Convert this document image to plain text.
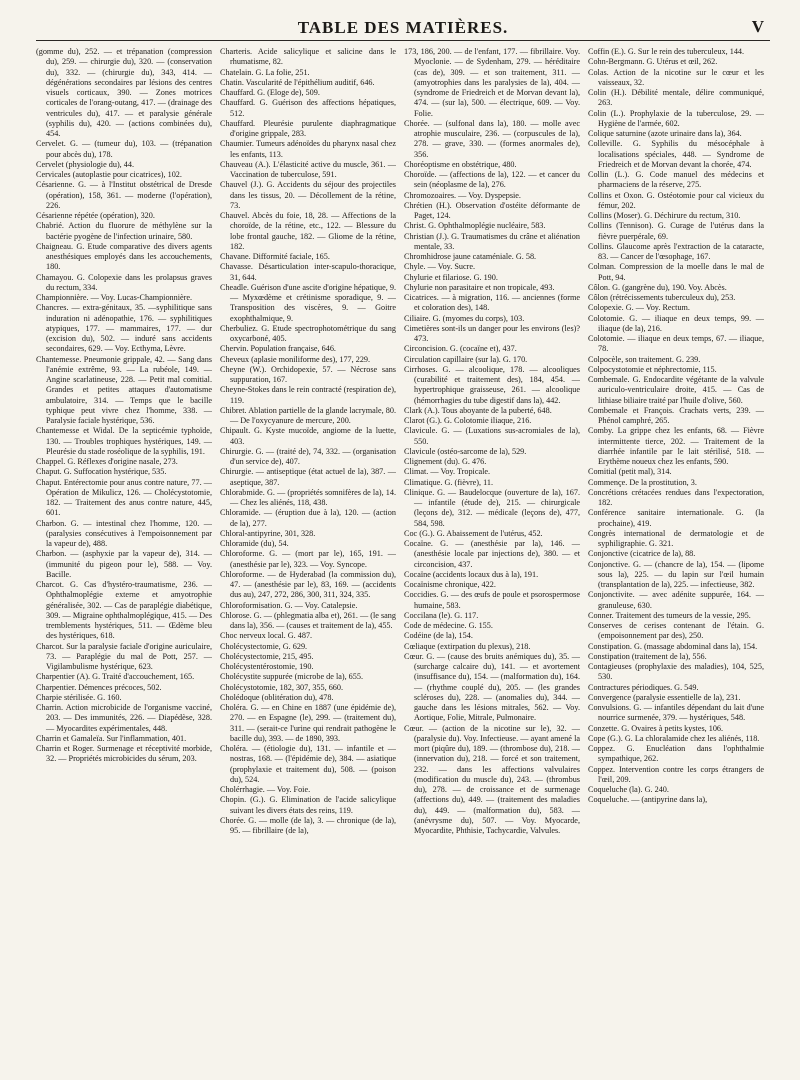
TABLE DES MATIÈRES.	V

(gomme du), 252. — et trépanation (compression du), 259. — chirurgie du), 320. — (conservation du), 332. — (chirurgie du), 343, 414. — dégénérations secondaires par lésions des centres visuels corticaux, 390. — Zones motrices corticales de l'orang-outang, 417. — (drainage des ventricules du), 417. — et paralysie générale (syphilis du), 420. — (actions combinées du), 454.

Cervelet. G. — (tumeur du), 103. — (trépanation pour abcès du), 178.

Cervelet (physiologie du), 44.

Cervicales (autoplastie pour cicatrices), 102.

Césarienne. G. — à l'Institut obstétrical de Dresde (opération), 158, 361. — moderne (l'opération), 226.

Césarienne répétée (opération), 320.

Chabrié. Action du fluorure de méthylène sur la bactérie pyogène de l'infection urinaire, 580.

Chaigneau. G. Etude comparative des divers agents anesthésiques employés dans les accouchements, 180.

Chamayou. G. Colopexie dans les prolapsus graves du rectum, 334.

Championnière. — Voy. Lucas-Championnière.

Chancres. — extra-génitaux, 35. —syphilitique sans induration ni adénopathie, 176. — syphilitiques atypiques, 177. — mammaires, 177. — dur (excision du), 502. — induré sans accidents secondaires, 629. — Voy. Ecthyma, Lèvre.

Chantemesse. Pneumonie grippale, 42. — Sang dans l'anémie extrême, 93. — La rubéole, 149. — Angine scarlatineuse, 228. — Petit mal comitial. Grandes et petites attaques d'automatisme ambulatoire, 314. — Temps que le bacille typhique peut vivre chez l'homme, 338. — Paralysie faciale hystérique, 536.

Chantemesse et Widal. De la septicémie typhoïde, 130. — Troubles trophiques hystériques, 149. — Pleurésie du stade roséolique de la syphilis, 191.

Chappel. G. Réflexes d'origine nasale, 273.

Chaput. G. Suffocation hystérique, 535.

Chaput. Entérectomie pour anus contre nature, 77. — Opération de Mikulicz, 126. — Cholécystotomie, 182. — Traitement des anus contre nature, 445, 601.

Charbon. G. — intestinal chez l'homme, 120. — (paralysies consécutives à l'empoisonnement par la vapeur de), 488.

Charbon. — (asphyxie par la vapeur de), 314. — (immunité du pigeon pour le), 588. — Voy. Bacille.

Charcot. G. Cas d'hystéro-traumatisme, 236. — Ophthalmoplégie externe et amyotrophie généralisée, 302. — Cas de paraplégie diabétique, 309. — Migraine ophthalmoplégique, 415. — Des tremblements hystériques, 511. — Œdème bleu des hystériques, 618.

Charcot. Sur la paralysie faciale d'origine auriculaire, 73. — Paraplégie du mal de Pott, 257. — Vigilambulisme hystérique, 623.

Charpentier (A). G. Traité d'accouchement, 165.

Charpentier. Démences précoces, 502.

Charpie stérilisée. G. 160.

Charrin. Action microbicide de l'organisme vacciné, 203. — Des immunités, 226. — Diapédèse, 328. — Myocardites expérimentales, 448.

Charrin et Gamaleïa. Sur l'inflammation, 401.

Charrin et Roger. Surmenage et réceptivité morbide, 32. — Propriétés microbicides du sérum, 203.

Charteris. Acide salicylique et salicine dans le rhumatisme, 82.

Chatelain. G. La folie, 251.

Chatin. Vascularité de l'épithélium auditif, 646.

Chauffard. G. (Eloge de), 509.

Chauffard. G. Guérison des affections hépatiques, 512.

Chauffard. Pleurésie purulente diaphragmatique d'origine grippale, 283.

Chaumier. Tumeurs adénoïdes du pharynx nasal chez les enfants, 113.

Chauveau (A.). L'élasticité active du muscle, 361. — Vaccination de tuberculose, 591.

Chauvel (J.). G. Accidents du séjour des projectiles dans les tissus, 20. — Décollement de la rétine, 73.

Chauvel. Abcès du foie, 18, 28. — Affections de la choroïde, de la rétine, etc., 122. — Blessure du lobe frontal gauche, 182. — Gliome de la rétine, 182.

Chavane. Difformité faciale, 165.

Chavasse. Désarticulation inter-scapulo-thoracique, 31, 644.

Cheadle. Guérison d'une ascite d'origine hépatique, 9. — Myxœdème et crétinisme sporadique, 9. — Transposition des viscères, 9. — Goitre exophthalmique, 9.

Cherbuliez. G. Etude spectrophotométrique du sang oxycarboné, 405.

Chervin. Population française, 646.

Cheveux (aplasie moniliforme des), 177, 229.

Cheyne (W.). Orchidopexie, 57. — Nécrose sans suppuration, 167.

Cheyne-Stokes dans le rein contracté (respiration de), 119.

Chibret. Ablation partielle de la glande lacrymale, 80. — De l'oxycyanure de mercure, 200.

Chipault. G. Kyste mucoïde, angiome de la luette, 403.

Chirurgie. G. — (traité de), 74, 332. — (organisation d'un service de), 407.

Chirurgie. — antiseptique (état actuel de la), 387. — aseptique, 387.

Chlorabmide. G. — (propriétés somnifères de la), 14. — Chez les aliénés, 118, 438.

Chloramide. — (éruption due à la), 120. — (action de la), 277.

Chloral-antipyrine, 301, 328.

Chloramide (du), 54.

Chloroforme. G. — (mort par le), 165, 191. — (anesthésie par le), 323. — Voy. Syncope.

Chloroforme. — de Hyderabad (la commission du), 47. — (anesthésie par le), 83, 169. — (accidents dus au), 247, 272, 286, 300, 311, 324, 335.

Chloroformisation. G. — Voy. Catalepsie.

Chlorose. G. — (phlegmatia alba et), 261. — (le sang dans la), 356. — (causes et traitement de la), 455.

Choc nerveux local. G. 487.

Cholécystectomie, G. 629.

Cholécystectomie, 215, 495.

Cholécystentérostomie, 190.

Cholécystite suppurée (microbe de la), 655.

Cholécystotomie, 182, 307, 355, 660.

Cholédoque (oblitération du), 478.

Choléra. G. — en Chine en 1887 (une épidémie de), 270. — en Espagne (le), 299. — (traitement du), 311. — (serait-ce l'urine qui rendrait pathogène le bacille du), 393. — de 1890, 393.

Choléra. — (étiologie du), 131. — infantile et — nostras, 168. — (l'épidémie de), 384. — asiatique (prophylaxie et traitement du), 508. — (poison du), 524.

Cholérrhagie. — Voy. Foie.

Chopin. (G.). G. Elimination de l'acide salicylique suivant les divers états des reins, 119.

Chorée. G. — molle (de la), 3. — chronique (de la), 95. — fibrillaire (de la),

173, 186, 200. — de l'enfant, 177. — fibrillaire. Voy. Myoclonie. — de Sydenham, 279. — héréditaire (cas de), 309. — et son traitement, 311. — (amyotrophies dans les paralysies de la), 404. — (syndrome de Friedreich et de Morvan devant la), 474. — (sur la), 500. — électrique, 609. — Voy. Folie.

Chorée. — (sulfonal dans la), 180. — molle avec atrophie musculaire, 236. — (corpuscules de la), 278. — grave, 330. — (formes anormales de), 356.

Choréoptisme en obstétrique, 480.

Choroïde. — (affections de la), 122. — et cancer du sein (néoplasme de la), 276.

Chromozoaires. — Voy. Dyspepsie.

Chrétien (H.). Observation d'ostéite déformante de Paget, 124.

Christ. G. Ophthalmoplégie nucléaire, 583.

Christian (J.). G. Traumatismes du crâne et aliénation mentale, 33.

Chromhidrose jaune cataméniale. G. 58.

Chyle. — Voy. Sucre.

Chylurie et filariose. G. 190.

Chylurie non parasitaire et non tropicale, 493.

Cicatrices. — à migration, 116. — anciennes (forme et coloration des), 148.

Ciliaire. G. (myomes du corps), 103.

Cimetières sont-ils un danger pour les environs (les)? 473.

Circoncision. G. (cocaïne et), 437.

Circulation capillaire (sur la). G. 170.

Cirrhoses. G. — alcoolique, 178. — alcooliques (curabilité et traitement des), 184, 454. — hypertrophique graisseuse, 261. — alcoolique (hémorrhagies du tube digestif dans la), 442.

Clark (A.). Tous aboyante de la puberté, 648.

Clarot (G.). G. Colotomie iliaque, 216.

Clavicule. G. — (Luxations sus-acromiales de la), 550.

Clavicule (ostéo-sarcome de la), 529.

Clignement (du). G. 476.

Climat. — Voy. Tropicale.

Climatique. G. (fièvre), 11.

Clinique. G. — Baudelocque (ouverture de la), 167. — infantile (étude de), 215. — chirurgicale (leçons de), 312. — médicale (leçons de), 477, 584, 598.

Coc (G.). G. Abaissement de l'utérus, 452.

Cocaïne. G. — (anesthésie par la), 146. — (anesthésie locale par injections de), 380. — et circoncision, 437.

Cocaïne (accidents locaux dus à la), 191.

Cocaïnisme chronique, 422.

Coccidies. G. — des œufs de poule et psorospermose humaine, 583.

Coccilana (le). G. 117.

Code de médecine. G. 155.

Codéine (de la), 154.

Cœliaque (extirpation du plexus), 218.

Cœur. G. — (cause des bruits anémiques du), 35. — (surcharge calcaire du), 141. — et avortement (insuffisance du), 154. — (malformation du), 164. — (rhythme couplé du), 205. — (les grandes scléroses du), 228. — (anomalies du), 344. — gauche dans les lésions mitrales, 562. — Voy. Aortique, Folie, Mitrale, Pulmonaire.

Cœur. — (action de la nicotine sur le), 32. — (paralysie du). Voy. Infectieuse. — ayant amené la mort (piqûre du), 189. — (thrombose du), 218. — (innervation du), 218. — forcé et son traitement, 232. — dans les affections valvulaires (modification du muscle du), 243. — (thrombus du), 278. — de croissance et de surmenage (affections du), 449. — (traitement des maladies du), 449. — (malformation du), 583. — (anévrysme du), 507. — Voy. Myocarde, Myocardite, Phthisie, Tachycardie, Valvules.

Coffin (E.). G. Sur le rein des tuberculeux, 144.

Cohn-Bergmann. G. Utérus et œil, 262.

Colas. Action de la nicotine sur le cœur et les vaisseaux, 32.

Colin (H.). Débilité mentale, délire communiqué, 263.

Colin (L.). Prophylaxie de la tuberculose, 29. — Hygiène de l'armée, 602.

Colique saturnine (azote urinaire dans la), 364.

Colleville. G. Syphilis du mésocéphale à localisations spéciales, 448. — Syndrome de Friedreich et de Morvan devant la chorée, 474.

Collin (L.). G. Code manuel des médecins et pharmaciens de la réserve, 275.

Collins et Oxon. G. Ostéotomie pour cal vicieux du fémur, 202.

Collins (Moser). G. Déchirure du rectum, 310.

Collins (Tennison). G. Curage de l'utérus dans la fièvre puerpérale, 69.

Collins. Glaucome après l'extraction de la cataracte, 83. — Cancer de l'œsophage, 167.

Colman. Compression de la moelle dans le mal de Pott, 94.

Côlon. G. (gangrène du), 190. Voy. Abcès.

Côlon (rétrécissements tuberculeux du), 253.

Colopexie. G. — Voy. Rectum.

Colotomie. G. — iliaque en deux temps, 99. — iliaque (de la), 216.

Colotomie. — iliaque en deux temps, 67. — iliaque, 78.

Colpocèle, son traitement. G. 239.

Colpocystotomie et néphrectomie, 115.

Combemale. G. Endocardite végétante de la valvule auriculo-ventriculaire droite, 415. — Cas de lithiase biliaire traité par l'huile d'olive, 560.

Combemale et François. Crachats verts, 239. — Phénol camphré, 265.

Comby. La grippe chez les enfants, 68. — Fièvre intermittente tierce, 202. — Traitement de la diarrhée infantile par le lait stérilisé, 518. — Erythème noueux chez les enfants, 590.

Comitial (petit mal), 314.

Commençe. De la prostitution, 3.

Concrétions crétacées rendues dans l'expectoration, 182.

Conférence sanitaire internationale. G. (la prochaine), 419.

Congrès international de dermatologie et de syphiligraphie. G. 321.

Conjonctive (cicatrice de la), 88.

Conjonctive. G. — (chancre de la), 154. — (lipome sous la), 225. — du lapin sur l'œil humain (transplantation de la), 225. — infectieuse, 382.

Conjonctivite. — avec adénite suppurée, 164. — granuleuse, 630.

Conner. Traitement des tumeurs de la vessie, 295.

Conserves de cerises contenant de l'étain. G. (empoisonnement par des), 250.

Constipation. G. (massage abdominal dans la), 154.

Constipation (traitement de la), 556.

Contagieuses (prophylaxie des maladies), 104, 525, 530.

Contractures périodiques. G. 549.

Convergence (paralysie essentielle de la), 231.

Convulsions. G. — infantiles dépendant du lait d'une nourrice surmenée, 379. — hystériques, 548.

Conzette. G. Ovaires à petits kystes, 106.

Cope (G.). G. La chloralamide chez les aliénés, 118.

Coppez. G. Enucléation dans l'ophthalmie sympathique, 262.

Coppez. Intervention contre les corps étrangers de l'œil, 209.

Coqueluche (la). G. 240.

Coqueluche. — (antipyrine dans la),
